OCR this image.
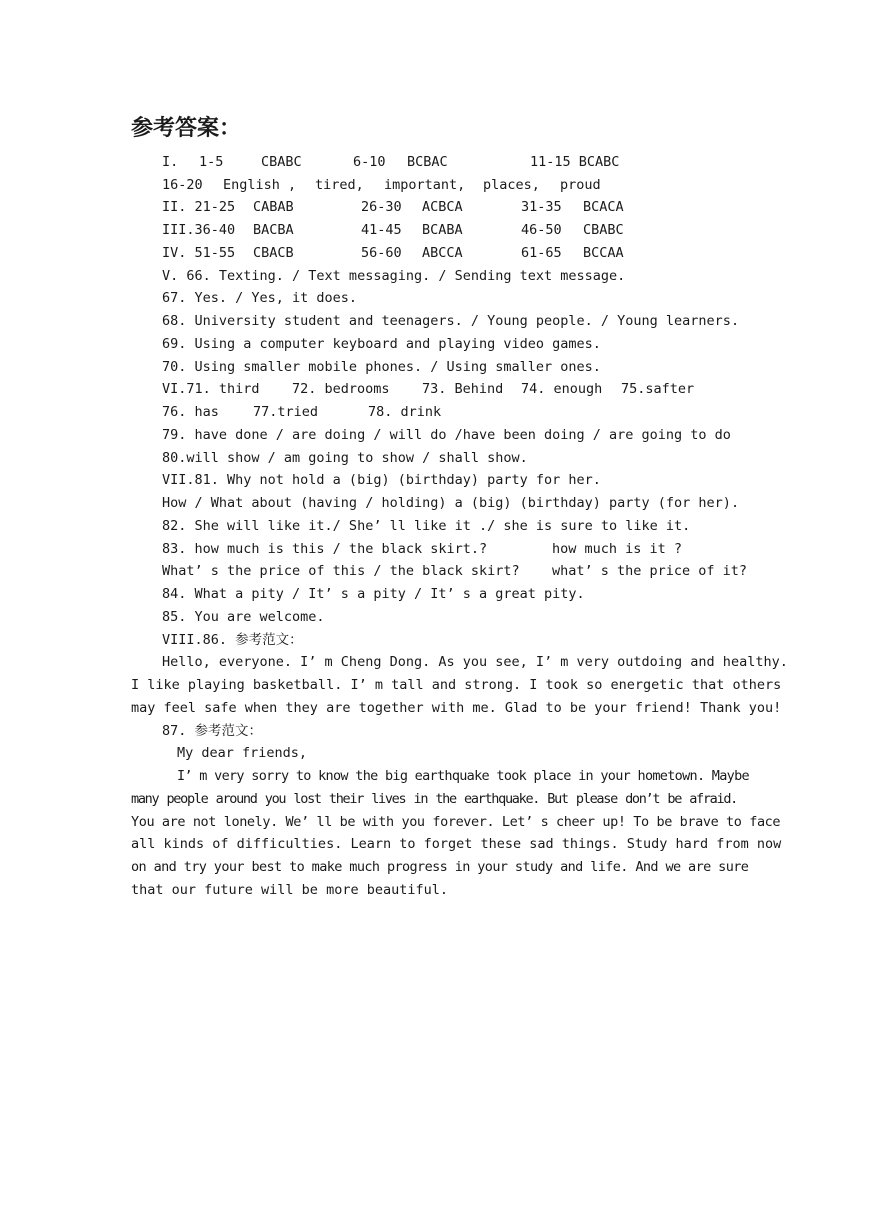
参考答案：
I. 1-5	CBABC	6-10 BCBAC	11-15 BCABC
16-20 English , tired, important, places, proud
II. 21-25 CABAB	26-30 ACBCA	31-35 BCACA
III.36-40 BACBA	41-45 BCABA	46-50 CBABC
IV. 51-55 CBACB	56-60 ABCCA	61-65 BCCAA

V. 66. Texting. / Text messaging. / Sending text message.

67. Yes. / Yes, it does.

68. University student and teenagers. / Young people. / Young learners.

69. Using a computer keyboard and playing video games.

70. Using smaller mobile phones. / Using smaller ones.

VI.71. third 72. bedrooms 73. Behind 74. enough 75.safter
76. has	77.tried	78. drink

79. have done / are doing / will do /have been doing / are going to do

80.will show / am going to show / shall show.

VII.81. Why not hold a (big) (birthday) party for her.

How / What about (having / holding) a (big) (birthday) party (for her).

82. She will like it./ She’ ll like it ./ she is sure to like it.

83. how much is this / the black skirt.?	how much is it ?
What’ s the price of this / the black skirt? what’ s the price of it?

84. What a pity / It’ s a pity / It’ s a great pity.

85. You are welcome.

VIII.86. 参考范文：

Hello, everyone. I’ m Cheng Dong. As you see, I’ m very outdoing and healthy.

I like playing basketball. I’ m tall and strong. I took so energetic that others

may feel safe when they are together with me. Glad to be your friend! Thank you!

87. 参考范文：

My dear friends,

I’ m very sorry to know the big earthquake took place in your hometown. Maybe

many people around you lost their lives in the earthquake. But please don’t be afraid.

You are not lonely. We’ ll be with you forever. Let’ s cheer up! To be brave to face

all kinds of difficulties. Learn to forget these sad things. Study hard from now

on and try your best to make much progress in your study and life. And we are sure

that our future will be more beautiful.
